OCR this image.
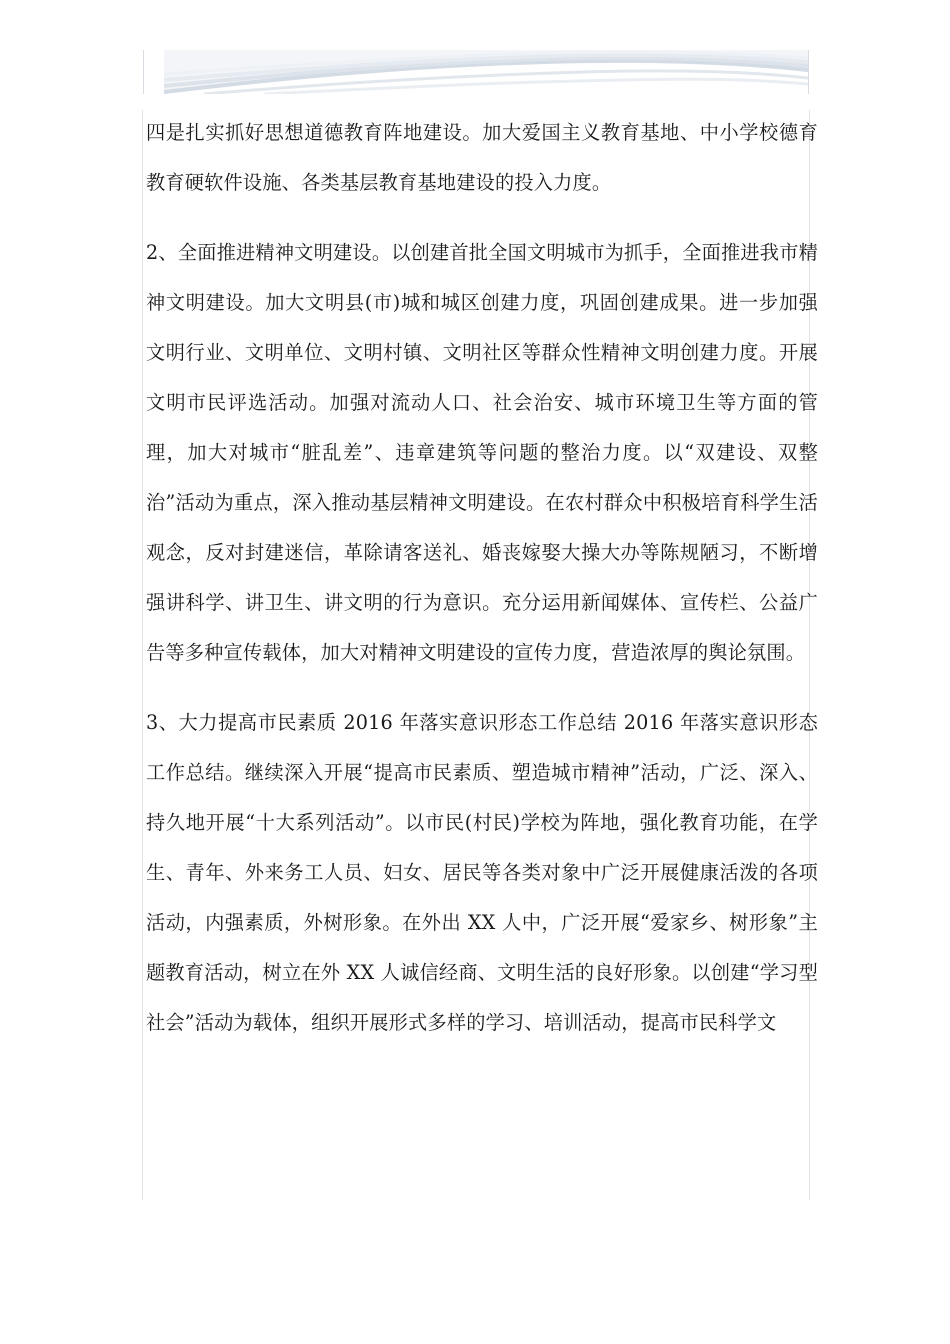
四是扎实抓好思想道德教育阵地建设。加大爱国主义教育基地、中小学校德育教育硬软件设施、各类基层教育基地建设的投入力度。

2、全面推进精神文明建设。以创建首批全国文明城市为抓手，全面推进我市精神文明建设。加大文明县(市)城和城区创建力度，巩固创建成果。进一步加强文明行业、文明单位、文明村镇、文明社区等群众性精神文明创建力度。开展文明市民评选活动。加强对流动人口、社会治安、城市环境卫生等方面的管理，加大对城市“脏乱差”、违章建筑等问题的整治力度。以“双建设、双整治”活动为重点，深入推动基层精神文明建设。在农村群众中积极培育科学生活观念，反对封建迷信，革除请客送礼、婚丧嫁娶大操大办等陈规陋习，不断增强讲科学、讲卫生、讲文明的行为意识。充分运用新闻媒体、宣传栏、公益广告等多种宣传载体，加大对精神文明建设的宣传力度，营造浓厚的舆论氛围。

3、大力提高市民素质 2016 年落实意识形态工作总结 2016 年落实意识形态工作总结。继续深入开展“提高市民素质、塑造城市精神”活动，广泛、深入、持久地开展“十大系列活动”。以市民(村民)学校为阵地，强化教育功能，在学生、青年、外来务工人员、妇女、居民等各类对象中广泛开展健康活泼的各项活动，内强素质，外树形象。在外出 XX 人中，广泛开展“爱家乡、树形象”主题教育活动，树立在外 XX 人诚信经商、文明生活的良好形象。以创建“学习型社会”活动为载体，组织开展形式多样的学习、培训活动，提高市民科学文
